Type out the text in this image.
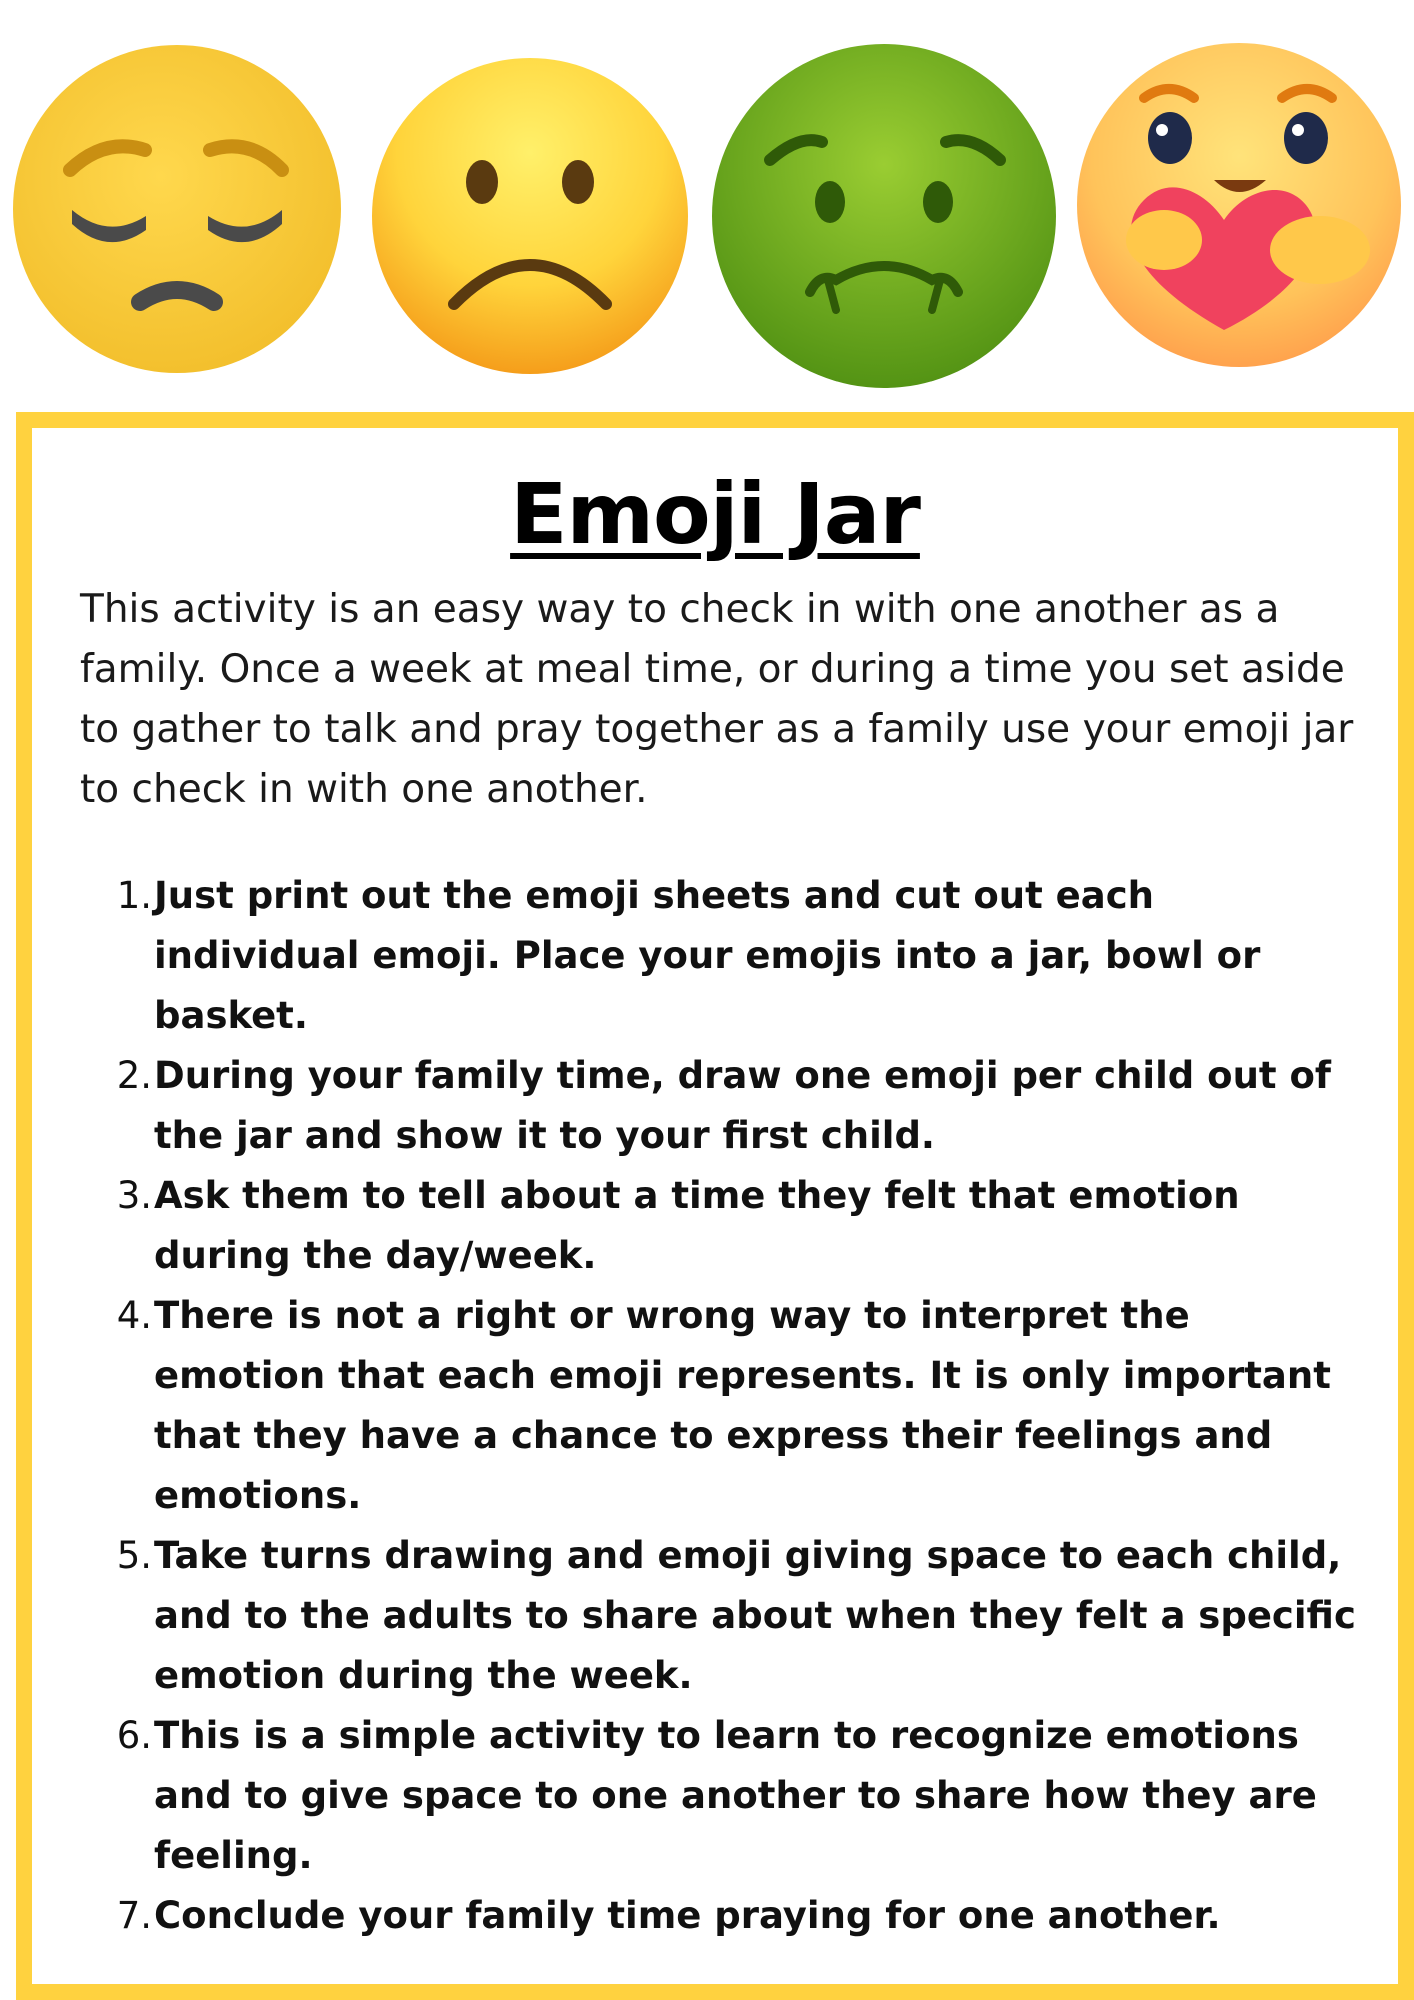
Emoji Jar

This activity is an easy way to check in with one another as a family. Once a week at meal time, or during a time you set aside to gather to talk and pray together as a family use your emoji jar to check in with one another.

1. Just print out the emoji sheets and cut out each individual emoji. Place your emojis into a jar, bowl or basket.
2. During your family time, draw one emoji per child out of the jar and show it to your first child.
3. Ask them to tell about a time they felt that emotion during the day/week.
4. There is not a right or wrong way to interpret the emotion that each emoji represents. It is only important that they have a chance to express their feelings and emotions.
5. Take turns drawing and emoji giving space to each child, and to the adults to share about when they felt a specific emotion during the week.
6. This is a simple activity to learn to recognize emotions and to give space to one another to share how they are feeling.
7. Conclude your family time praying for one another.
